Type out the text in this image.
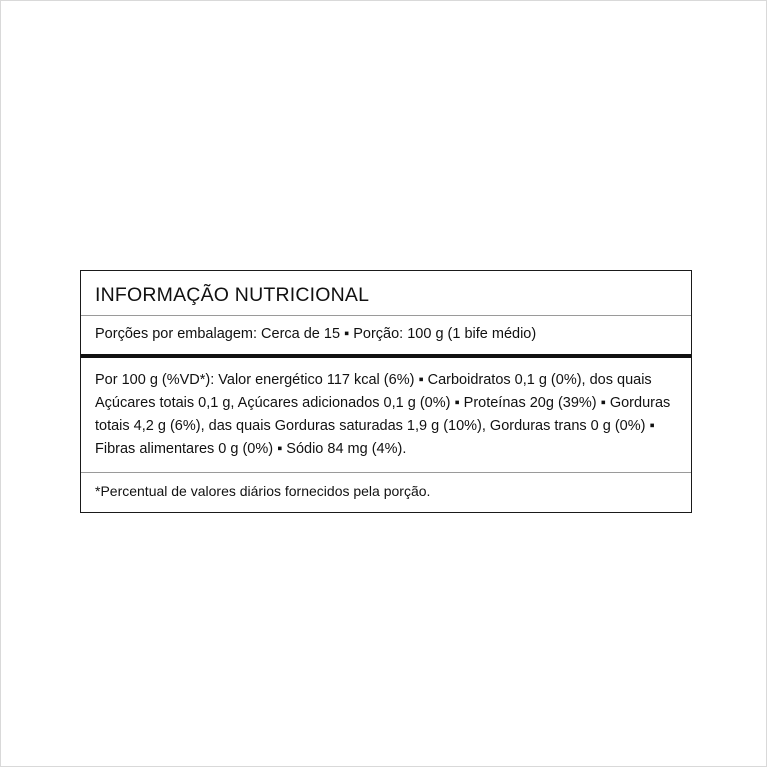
INFORMAÇÃO NUTRICIONAL
Porções por embalagem: Cerca de 15 ▪ Porção: 100 g (1 bife médio)
Por 100 g (%VD*): Valor energético 117 kcal (6%) ▪ Carboidratos 0,1 g (0%), dos quais Açúcares totais 0,1 g, Açúcares adicionados 0,1 g (0%) ▪ Proteínas 20g (39%) ▪ Gorduras totais 4,2 g (6%), das quais Gorduras saturadas 1,9 g (10%), Gorduras trans 0 g (0%) ▪ Fibras alimentares 0 g (0%) ▪ Sódio 84 mg (4%).
*Percentual de valores diários fornecidos pela porção.
